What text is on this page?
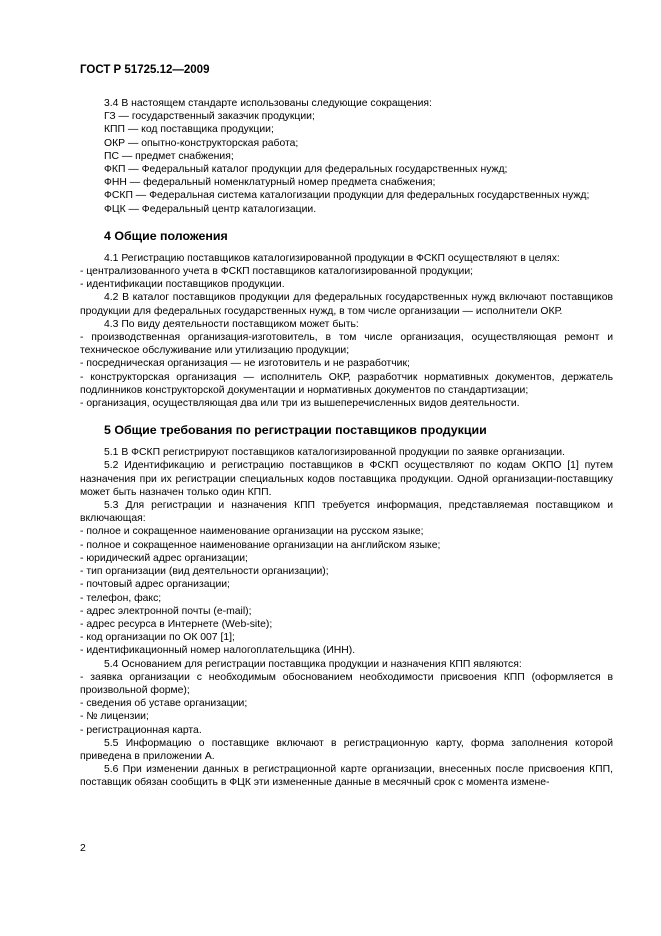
ГОСТ Р 51725.12—2009

3.4 В настоящем стандарте использованы следующие сокращения:

ГЗ — государственный заказчик продукции;

КПП — код поставщика продукции;

ОКР — опытно-конструкторская работа;

ПС — предмет снабжения;

ФКП — Федеральный каталог продукции для федеральных государственных нужд;

ФНН — федеральный номенклатурный номер предмета снабжения;

ФСКП — Федеральная система каталогизации продукции для федеральных государственных нужд;

ФЦК — Федеральный центр каталогизации.

4 Общие положения

4.1 Регистрацию поставщиков каталогизированной продукции в ФСКП осуществляют в целях:

- централизованного учета в ФСКП поставщиков каталогизированной продукции;

- идентификации поставщиков продукции.

4.2 В каталог поставщиков продукции для федеральных государственных нужд включают поставщиков продукции для федеральных государственных нужд, в том числе организации — исполнители ОКР.

4.3 По виду деятельности поставщиком может быть:

- производственная организация-изготовитель, в том числе организация, осуществляющая ремонт и техническое обслуживание или утилизацию продукции;

- посредническая организация — не изготовитель и не разработчик;

- конструкторская организация — исполнитель ОКР, разработчик нормативных документов, держатель подлинников конструкторской документации и нормативных документов по стандартизации;

- организация, осуществляющая два или три из вышеперечисленных видов деятельности.

5 Общие требования по регистрации поставщиков продукции

5.1 В ФСКП регистрируют поставщиков каталогизированной продукции по заявке организации.

5.2 Идентификацию и регистрацию поставщиков в ФСКП осуществляют по кодам ОКПО [1] путем назначения при их регистрации специальных кодов поставщика продукции. Одной организации-поставщику может быть назначен только один КПП.

5.3 Для регистрации и назначения КПП требуется информация, представляемая поставщиком и включающая:

- полное и сокращенное наименование организации на русском языке;

- полное и сокращенное наименование организации на английском языке;

- юридический адрес организации;

- тип организации (вид деятельности организации);

- почтовый адрес организации;

- телефон, факс;

- адрес электронной почты (e-mail);

- адрес ресурса в Интернете (Web-site);

- код организации по ОК 007 [1];

- идентификационный номер налогоплательщика (ИНН).

5.4 Основанием для регистрации поставщика продукции и назначения КПП являются:

- заявка организации с необходимым обоснованием необходимости присвоения КПП (оформляется в произвольной форме);

- сведения об уставе организации;

- № лицензии;

- регистрационная карта.

5.5 Информацию о поставщике включают в регистрационную карту, форма заполнения которой приведена в приложении А.

5.6 При изменении данных в регистрационной карте организации, внесенных после присвоения КПП, поставщик обязан сообщить в ФЦК эти измененные данные в месячный срок с момента измене-

2
